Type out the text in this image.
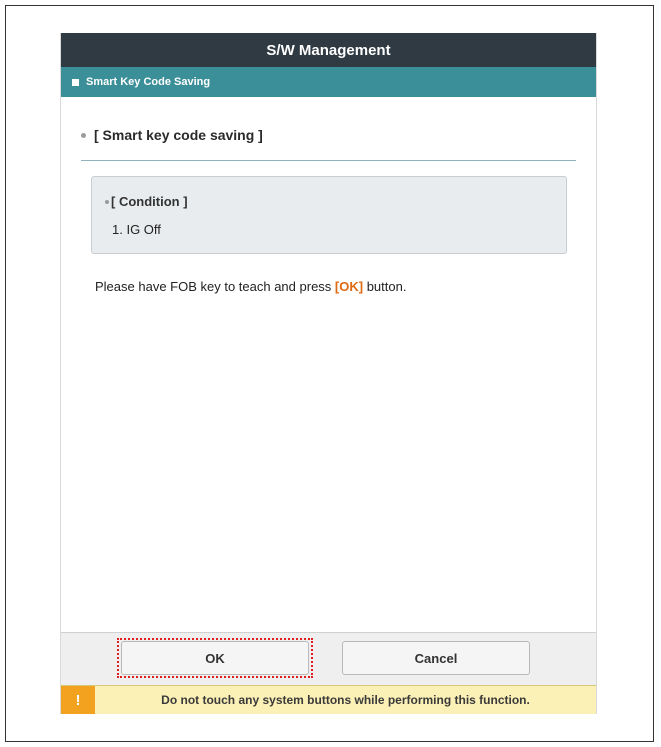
S/W Management
Smart Key Code Saving
[ Smart key code saving ]
[ Condition ]
1. IG Off
Please have FOB key to teach and press [OK] button.
OK	Cancel
!	Do not touch any system buttons while performing this function.
